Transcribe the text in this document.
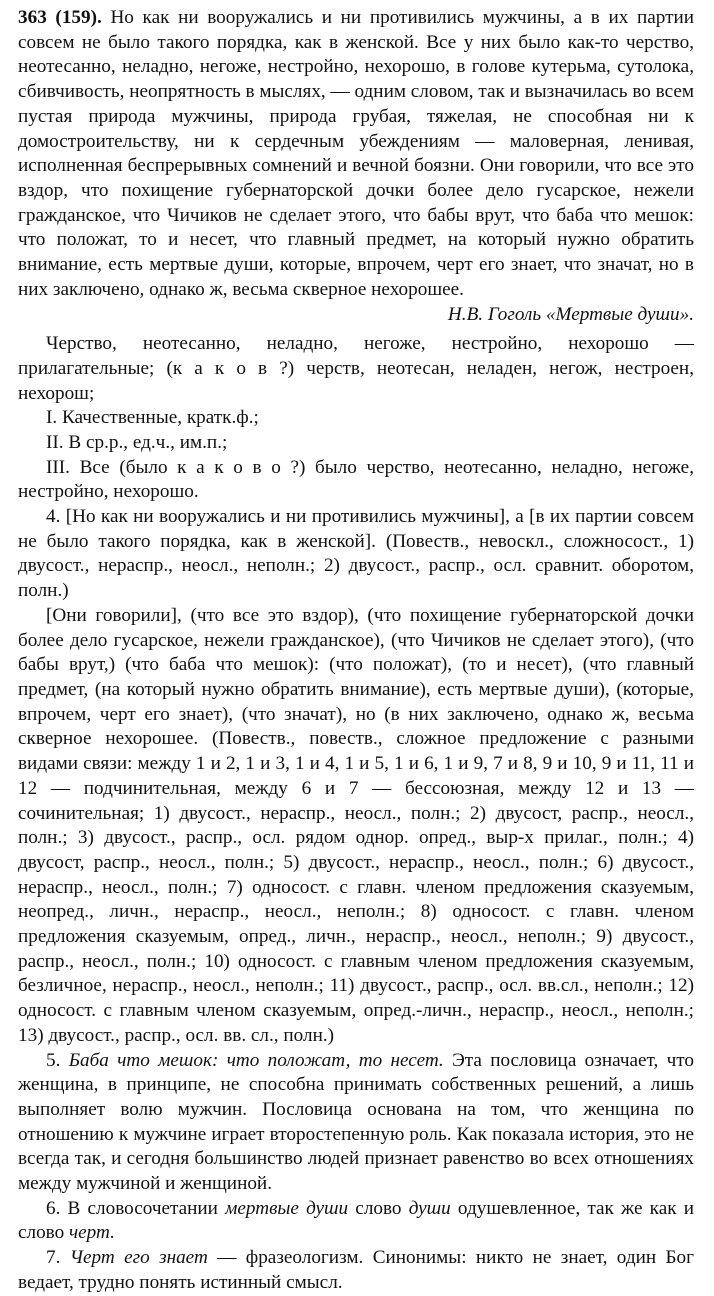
363 (159). Но как ни вооружались и ни противились мужчины, а в их партии совсем не было такого порядка, как в женской. Все у них было как-то черство, неотесанно, неладно, негоже, нестройно, нехорошо, в голове кутерьма, сутолока, сбивчивость, неопрятность в мыслях, — одним словом, так и вызначилась во всем пустая природа мужчины, природа грубая, тяжелая, не способная ни к домостроительству, ни к сердечным убеждениям — маловерная, ленивая, исполненная беспрерывных сомнений и вечной боязни. Они говорили, что все это вздор, что похищение губернаторской дочки более дело гусарское, нежели гражданское, что Чичиков не сделает этого, что бабы врут, что баба что мешок: что положат, то и несет, что главный предмет, на который нужно обратить внимание, есть мертвые души, которые, впрочем, черт его знает, что значат, но в них заключено, однако ж, весьма скверное нехорошее.

Н.В. Гоголь «Мертвые души».

Черство, неотесанно, неладно, негоже, нестройно, нехорошо — прилагательные; (к а к о в ?) черств, неотесан, неладен, негож, нестроен, нехорош;

I. Качественные, кратк.ф.;

II. В ср.р., ед.ч., им.п.;

III. Все (было к а к о в о ?) было черство, неотесанно, неладно, негоже, нестройно, нехорошо.

4. [Но как ни вооружались и ни противились мужчины], а [в их партии совсем не было такого порядка, как в женской]. (Повеств., невоскл., сложносост., 1) двусост., нераспр., неосл., неполн.; 2) двусост., распр., осл. сравнит. оборотом, полн.)

[Они говорили], (что все это вздор), (что похищение губернаторской дочки более дело гусарское, нежели гражданское), (что Чичиков не сделает этого), (что бабы врут,) (что баба что мешок): (что положат), (то и несет), (что главный предмет, (на который нужно обратить внимание), есть мертвые души), (которые, впрочем, черт его знает), (что значат), но (в них заключено, однако ж, весьма скверное нехорошее. (Повеств., повеств., сложное предложение с разными видами связи: между 1 и 2, 1 и 3, 1 и 4, 1 и 5, 1 и 6, 1 и 9, 7 и 8, 9 и 10, 9 и 11, 11 и 12 — подчинительная, между 6 и 7 — бессоюзная, между 12 и 13 — сочинительная; 1) двусост., нераспр., неосл., полн.; 2) двусост, распр., неосл., полн.; 3) двусост., распр., осл. рядом однор. опред., выр-х прилаг., полн.; 4) двусост, распр., неосл., полн.; 5) двусост., нераспр., неосл., полн.; 6) двусост., нераспр., неосл., полн.; 7) односост. с главн. членом предложения сказуемым, неопред., личн., нераспр., неосл., неполн.; 8) односост. с главн. членом предложения сказуемым, опред., личн., нераспр., неосл., неполн.; 9) двусост., распр., неосл., полн.; 10) односост. с главным членом предложения сказуемым, безличное, нераспр., неосл., неполн.; 11) двусост., распр., осл. вв.сл., неполн.; 12) односост. с главным членом сказуемым, опред.-личн., нераспр., неосл., неполн.; 13) двусост., распр., осл. вв. сл., полн.)

5. Баба что мешок: что положат, то несет. Эта пословица означает, что женщина, в принципе, не способна принимать собственных решений, а лишь выполняет волю мужчин. Пословица основана на том, что женщина по отношению к мужчине играет второстепенную роль. Как показала история, это не всегда так, и сегодня большинство людей признает равенство во всех отношениях между мужчиной и женщиной.

6. В словосочетании мертвые души слово души одушевленное, так же как и слово черт.

7. Черт его знает — фразеологизм. Синонимы: никто не знает, один Бог ведает, трудно понять истинный смысл.
